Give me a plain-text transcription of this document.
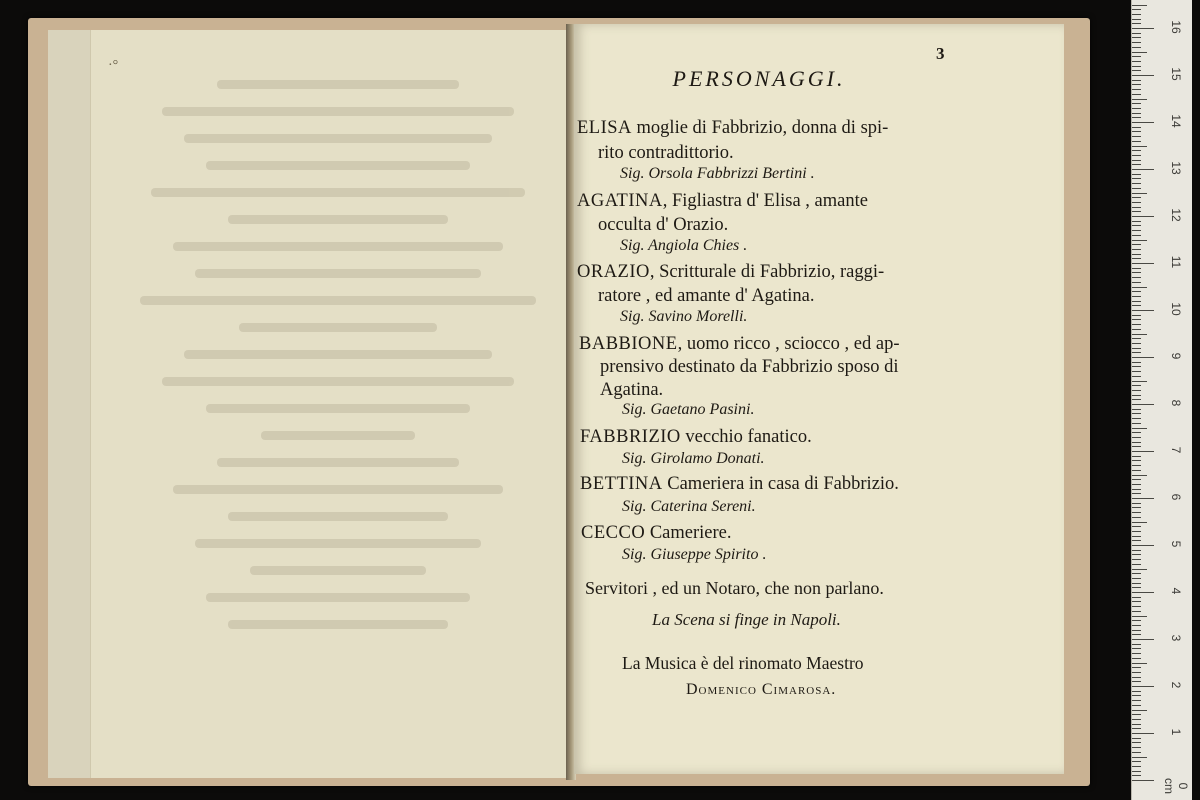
·°
3
PERSONAGGI.
ELISA moglie di Fabbrizio, donna di spi-
rito contradittorio.
Sig. Orsola Fabbrizzi Bertini .
AGATINA, Figliastra d' Elisa , amante
occulta d' Orazio.
Sig. Angiola Chies .
ORAZIO, Scritturale di Fabbrizio, raggi-
ratore , ed amante d' Agatina.
Sig. Savino Morelli.
BABBIONE, uomo ricco , sciocco , ed ap-
prensivo destinato da Fabbrizio sposo di
Agatina.
Sig. Gaetano Pasini.
FABBRIZIO vecchio fanatico.
Sig. Girolamo Donati.
BETTINA Cameriera in casa di Fabbrizio.
Sig. Caterina Sereni.
CECCO Cameriere.
Sig. Giuseppe Spirito .
Servitori , ed un Notaro, che non parlano.
La Scena si finge in Napoli.
La Musica è del rinomato Maestro
Domenico Cimarosa.
0 cm
1
2
3
4
5
6
7
8
9
10
11
12
13
14
15
16
